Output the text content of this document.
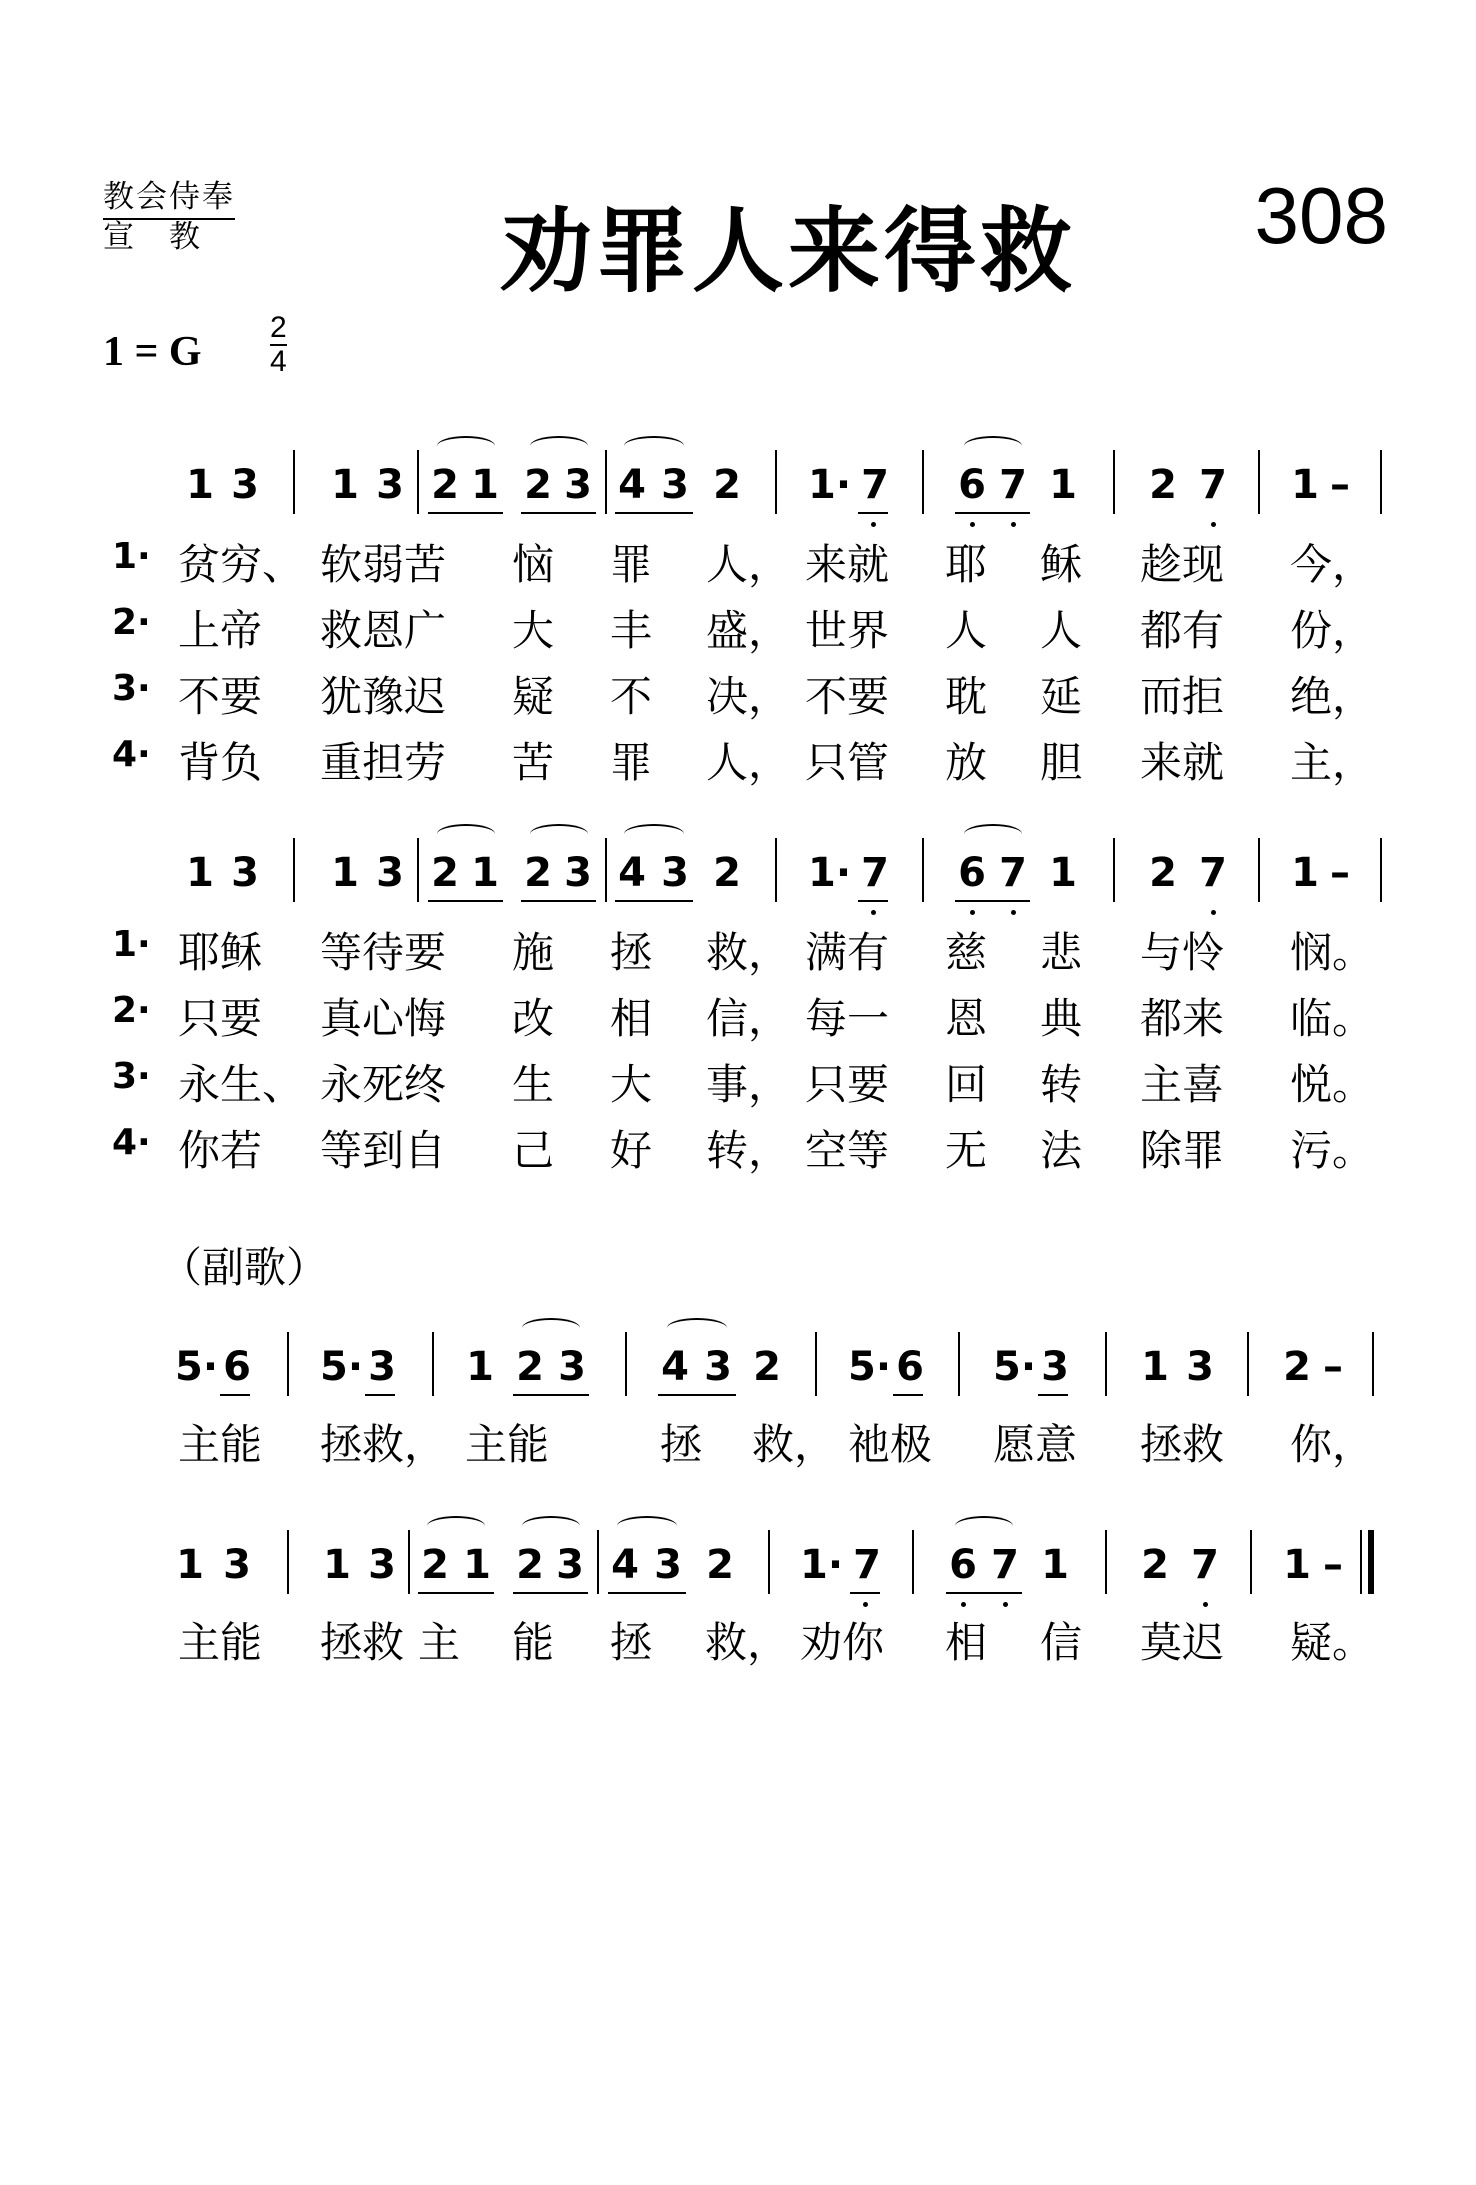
教会侍奉
宣　教	劝罪人来得救	308
1 = G
2
4
1 3 1 3 2 1 2 3 4 3 2 1· 7 6 7 1 2 7 1 –
1· 贫穷、 软弱苦 恼 罪 人， 来就 耶 稣 趁现 今，
2· 上帝 救恩广 大 丰 盛， 世界 人 人 都有 份，
3· 不要 犹豫迟 疑 不 决， 不要 耽 延 而拒 绝，
4· 背负 重担劳 苦 罪 人， 只管 放 胆 来就 主，
1 3 1 3 2 1 2 3 4 3 2 1· 7 6 7 1 2 7 1 –
1· 耶稣 等待要 施 拯 救， 满有 慈 悲 与怜 悯。
2· 只要 真心悔 改 相 信， 每一 恩 典 都来 临。
3· 永生、 永死终 生 大 事， 只要 回 转 主喜 悦。
4· 你若 等到自 己 好 转， 空等 无 法 除罪 污。
（副歌）
5· 6 5· 3 1 2 3 4 3 2 5· 6 5· 3 1 3 2 –
主能 拯救， 主能	拯 救， 祂极 愿意 拯救 你，
1 3 1 3 2 1 2 3 4 3 2 1· 7 6 7 1 2 7 1 –
主能 拯救 主 能 拯 救， 劝你 相 信 莫迟 疑。
